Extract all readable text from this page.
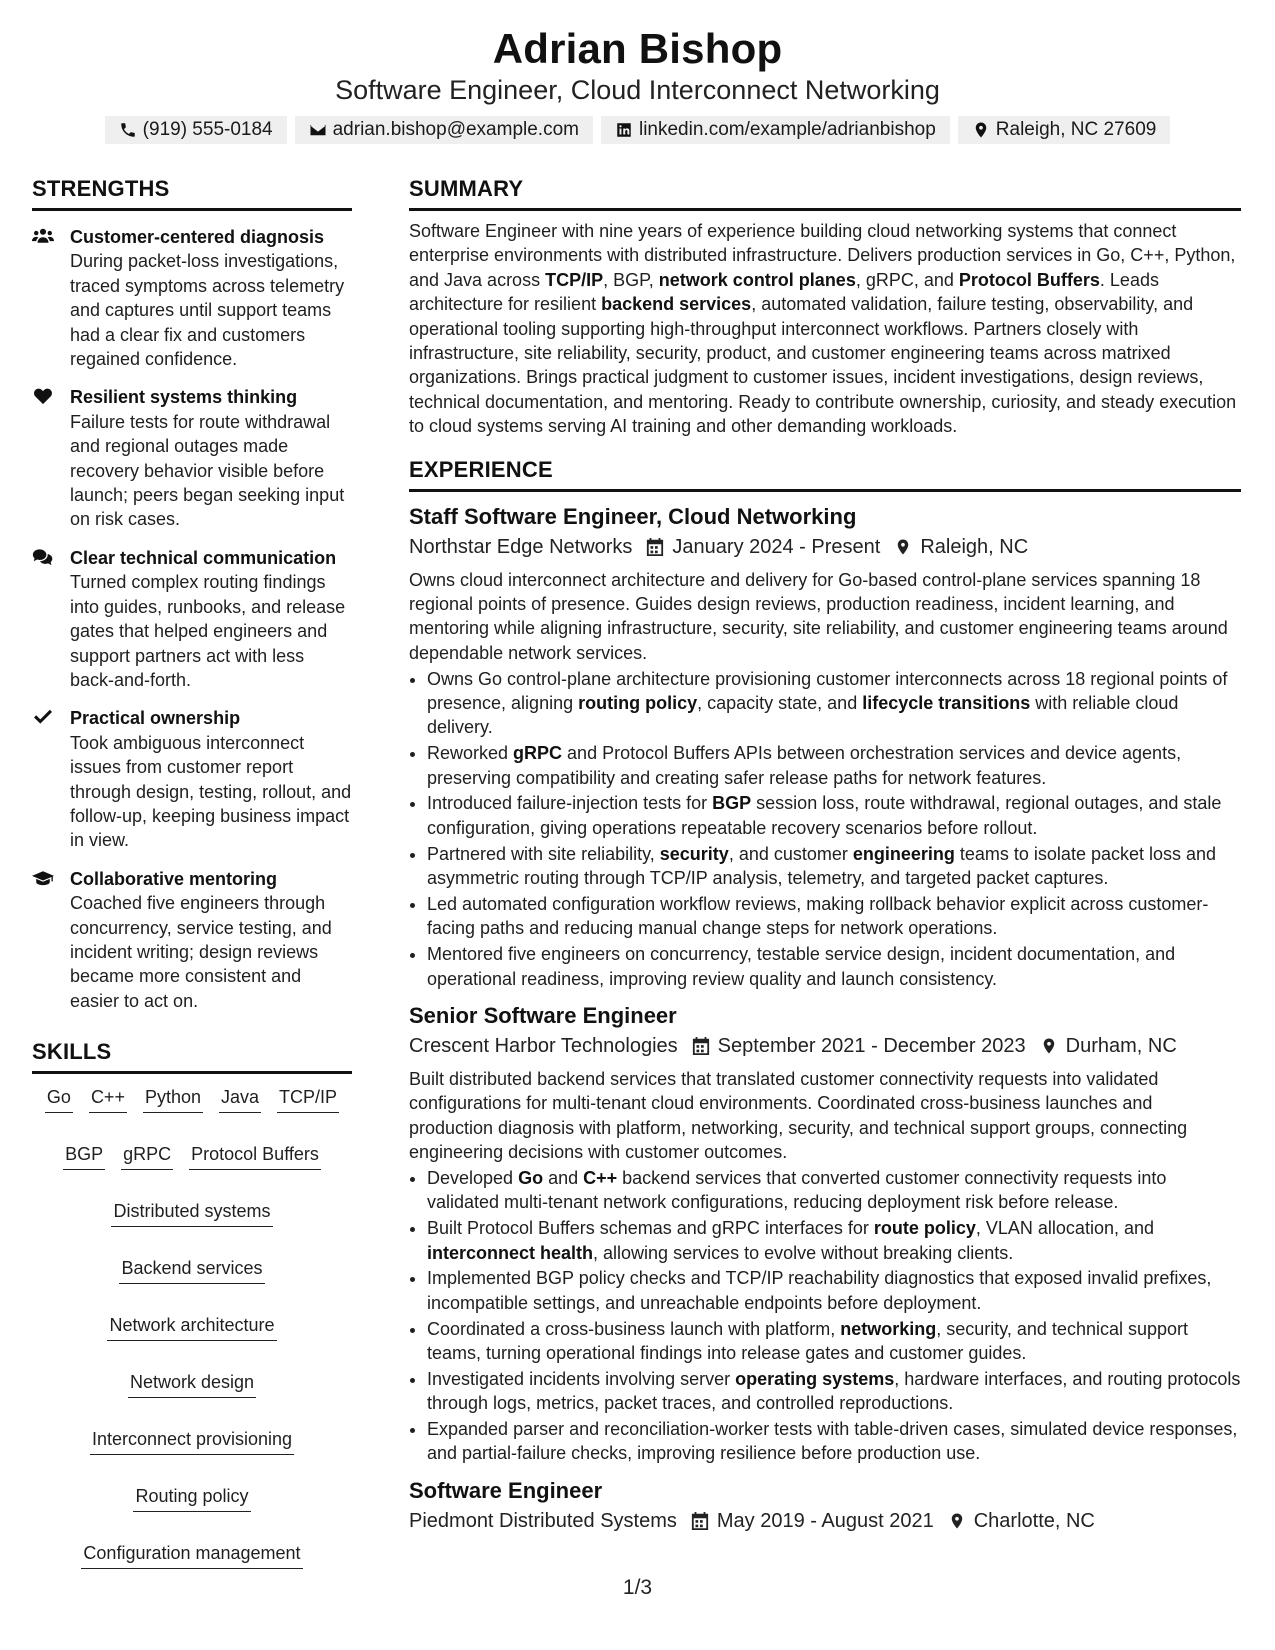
Adrian Bishop
Software Engineer, Cloud Interconnect Networking
(919) 555-0184	adrian.bishop@example.com	linkedin.com/example/adrianbishop	Raleigh, NC 27609
STRENGTHS
Customer-centered diagnosis
During packet-loss investigations, traced symptoms across telemetry and captures until support teams had a clear fix and customers regained confidence.
Resilient systems thinking
Failure tests for route withdrawal and regional outages made recovery behavior visible before launch; peers began seeking input on risk cases.
Clear technical communication
Turned complex routing findings into guides, runbooks, and release gates that helped engineers and support partners act with less back-and-forth.
Practical ownership
Took ambiguous interconnect issues from customer report through design, testing, rollout, and follow-up, keeping business impact in view.
Collaborative mentoring
Coached five engineers through concurrency, service testing, and incident writing; design reviews became more consistent and easier to act on.
SKILLS
Go C++ Python Java TCP/IP
BGP gRPC Protocol Buffers
Distributed systems
Backend services
Network architecture
Network design
Interconnect provisioning
Routing policy
Configuration management
SUMMARY
Software Engineer with nine years of experience building cloud networking systems that connect enterprise environments with distributed infrastructure. Delivers production services in Go, C++, Python, and Java across TCP/IP, BGP, network control planes, gRPC, and Protocol Buffers. Leads architecture for resilient backend services, automated validation, failure testing, observability, and operational tooling supporting high-throughput interconnect workflows. Partners closely with infrastructure, site reliability, security, product, and customer engineering teams across matrixed organizations. Brings practical judgment to customer issues, incident investigations, design reviews, technical documentation, and mentoring. Ready to contribute ownership, curiosity, and steady execution to cloud systems serving AI training and other demanding workloads.
EXPERIENCE
Staff Software Engineer, Cloud Networking
Northstar Edge Networks January 2024 - Present Raleigh, NC
Owns cloud interconnect architecture and delivery for Go-based control-plane services spanning 18 regional points of presence. Guides design reviews, production readiness, incident learning, and mentoring while aligning infrastructure, security, site reliability, and customer engineering teams around dependable network services.
• Owns Go control-plane architecture provisioning customer interconnects across 18 regional points of presence, aligning routing policy, capacity state, and lifecycle transitions with reliable cloud delivery.
• Reworked gRPC and Protocol Buffers APIs between orchestration services and device agents, preserving compatibility and creating safer release paths for network features.
• Introduced failure-injection tests for BGP session loss, route withdrawal, regional outages, and stale configuration, giving operations repeatable recovery scenarios before rollout.
• Partnered with site reliability, security, and customer engineering teams to isolate packet loss and asymmetric routing through TCP/IP analysis, telemetry, and targeted packet captures.
• Led automated configuration workflow reviews, making rollback behavior explicit across customer-facing paths and reducing manual change steps for network operations.
• Mentored five engineers on concurrency, testable service design, incident documentation, and operational readiness, improving review quality and launch consistency.
Senior Software Engineer
Crescent Harbor Technologies September 2021 - December 2023 Durham, NC
Built distributed backend services that translated customer connectivity requests into validated configurations for multi-tenant cloud environments. Coordinated cross-business launches and production diagnosis with platform, networking, security, and technical support groups, connecting engineering decisions with customer outcomes.
• Developed Go and C++ backend services that converted customer connectivity requests into validated multi-tenant network configurations, reducing deployment risk before release.
• Built Protocol Buffers schemas and gRPC interfaces for route policy, VLAN allocation, and interconnect health, allowing services to evolve without breaking clients.
• Implemented BGP policy checks and TCP/IP reachability diagnostics that exposed invalid prefixes, incompatible settings, and unreachable endpoints before deployment.
• Coordinated a cross-business launch with platform, networking, security, and technical support teams, turning operational findings into release gates and customer guides.
• Investigated incidents involving server operating systems, hardware interfaces, and routing protocols through logs, metrics, packet traces, and controlled reproductions.
• Expanded parser and reconciliation-worker tests with table-driven cases, simulated device responses, and partial-failure checks, improving resilience before production use.
Software Engineer
Piedmont Distributed Systems May 2019 - August 2021 Charlotte, NC
1/3
